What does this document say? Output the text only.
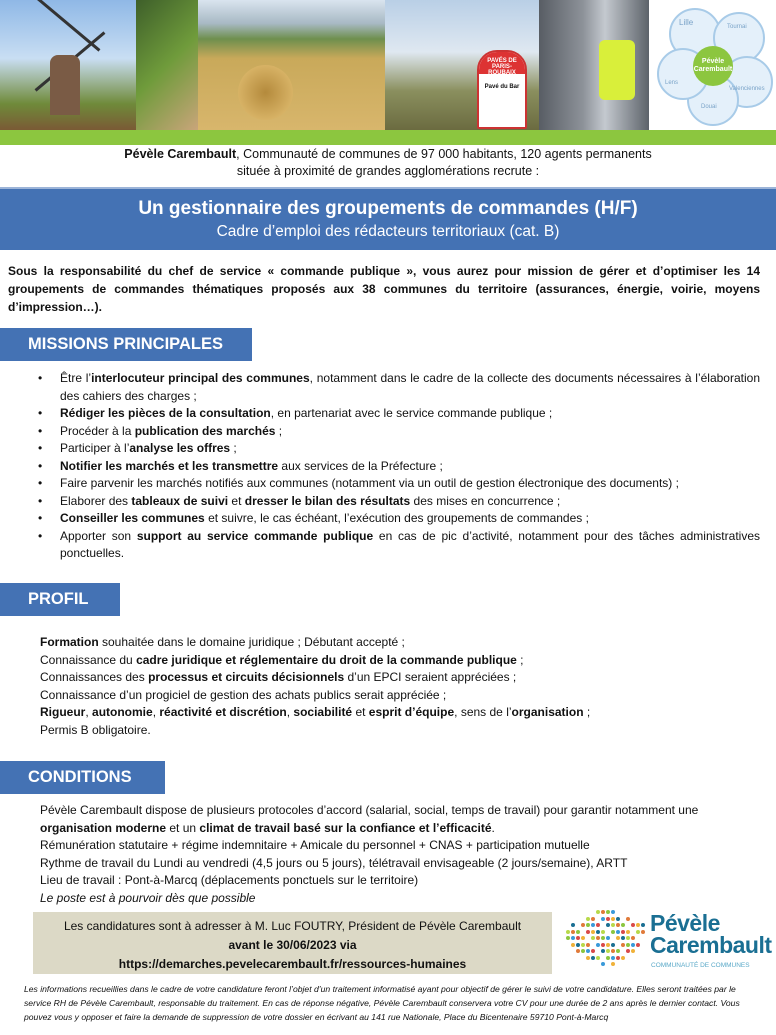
PAVÉS DE PARIS-ROUBAIX
Pavé du Bar
Lille	Tournai
Valenciennes
Douai
Lens
Pévèle Carembault
Pévèle Carembault, Communauté de communes de 97 000 habitants, 120 agents permanents
située à proximité de grandes agglomérations recrute :
Un gestionnaire des groupements de commandes (H/F)
Cadre d’emploi des rédacteurs territoriaux (cat. B)
Sous la responsabilité du chef de service « commande publique », vous aurez pour mission de gérer et d’optimiser les 14 groupements de commandes thématiques proposés aux 38 communes du territoire (assurances, énergie, voirie, moyens d’impression…).
MISSIONS PRINCIPALES
• Être l’interlocuteur principal des communes, notamment dans le cadre de la collecte des documents nécessaires à l’élaboration des cahiers des charges ;
• Rédiger les pièces de la consultation, en partenariat avec le service commande publique ;
• Procéder à la publication des marchés ;
• Participer à l’analyse les offres ;
• Notifier les marchés et les transmettre aux services de la Préfecture ;
• Faire parvenir les marchés notifiés aux communes (notamment via un outil de gestion électronique des documents) ;
• Elaborer des tableaux de suivi et dresser le bilan des résultats des mises en concurrence ;
• Conseiller les communes et suivre, le cas échéant, l’exécution des groupements de commandes ;
• Apporter son support au service commande publique en cas de pic d’activité, notamment pour des tâches administratives ponctuelles.
PROFIL
Formation souhaitée dans le domaine juridique ; Débutant accepté ;
Connaissance du cadre juridique et réglementaire du droit de la commande publique ;
Connaissances des processus et circuits décisionnels d’un EPCI seraient appréciées ;
Connaissance d’un progiciel de gestion des achats publics serait appréciée ;
Rigueur, autonomie, réactivité et discrétion, sociabilité et esprit d’équipe, sens de l’organisation ;
Permis B obligatoire.
CONDITIONS
Pévèle Carembault dispose de plusieurs protocoles d’accord (salarial, social, temps de travail) pour garantir notamment une organisation moderne et un climat de travail basé sur la confiance et l’efficacité.
Rémunération statutaire + régime indemnitaire + Amicale du personnel + CNAS + participation mutuelle
Rythme de travail du Lundi au vendredi (4,5 jours ou 5 jours), télétravail envisageable (2 jours/semaine), ARTT
Lieu de travail : Pont-à-Marcq (déplacements ponctuels sur le territoire)
Le poste est à pourvoir dès que possible
Les candidatures sont à adresser à M. Luc FOUTRY, Président de Pévèle Carembault
avant le 30/06/2023 via https://demarches.pevelecarembault.fr/ressources-humaines
Pévèle
Carembault
COMMUNAUTÉ DE COMMUNES
Les informations recueillies dans le cadre de votre candidature feront l’objet d’un traitement informatisé ayant pour objectif de gérer le suivi de votre candidature. Elles seront traitées par le service RH de Pévèle Carembault, responsable du traitement. En cas de réponse négative, Pévèle Carembault conservera votre CV pour une durée de 2 ans après le dernier contact. Vous pouvez vous y opposer et faire la demande de suppression de votre dossier en écrivant au 141 rue Nationale, Place du Bicentenaire 59710 Pont-à-Marcq
